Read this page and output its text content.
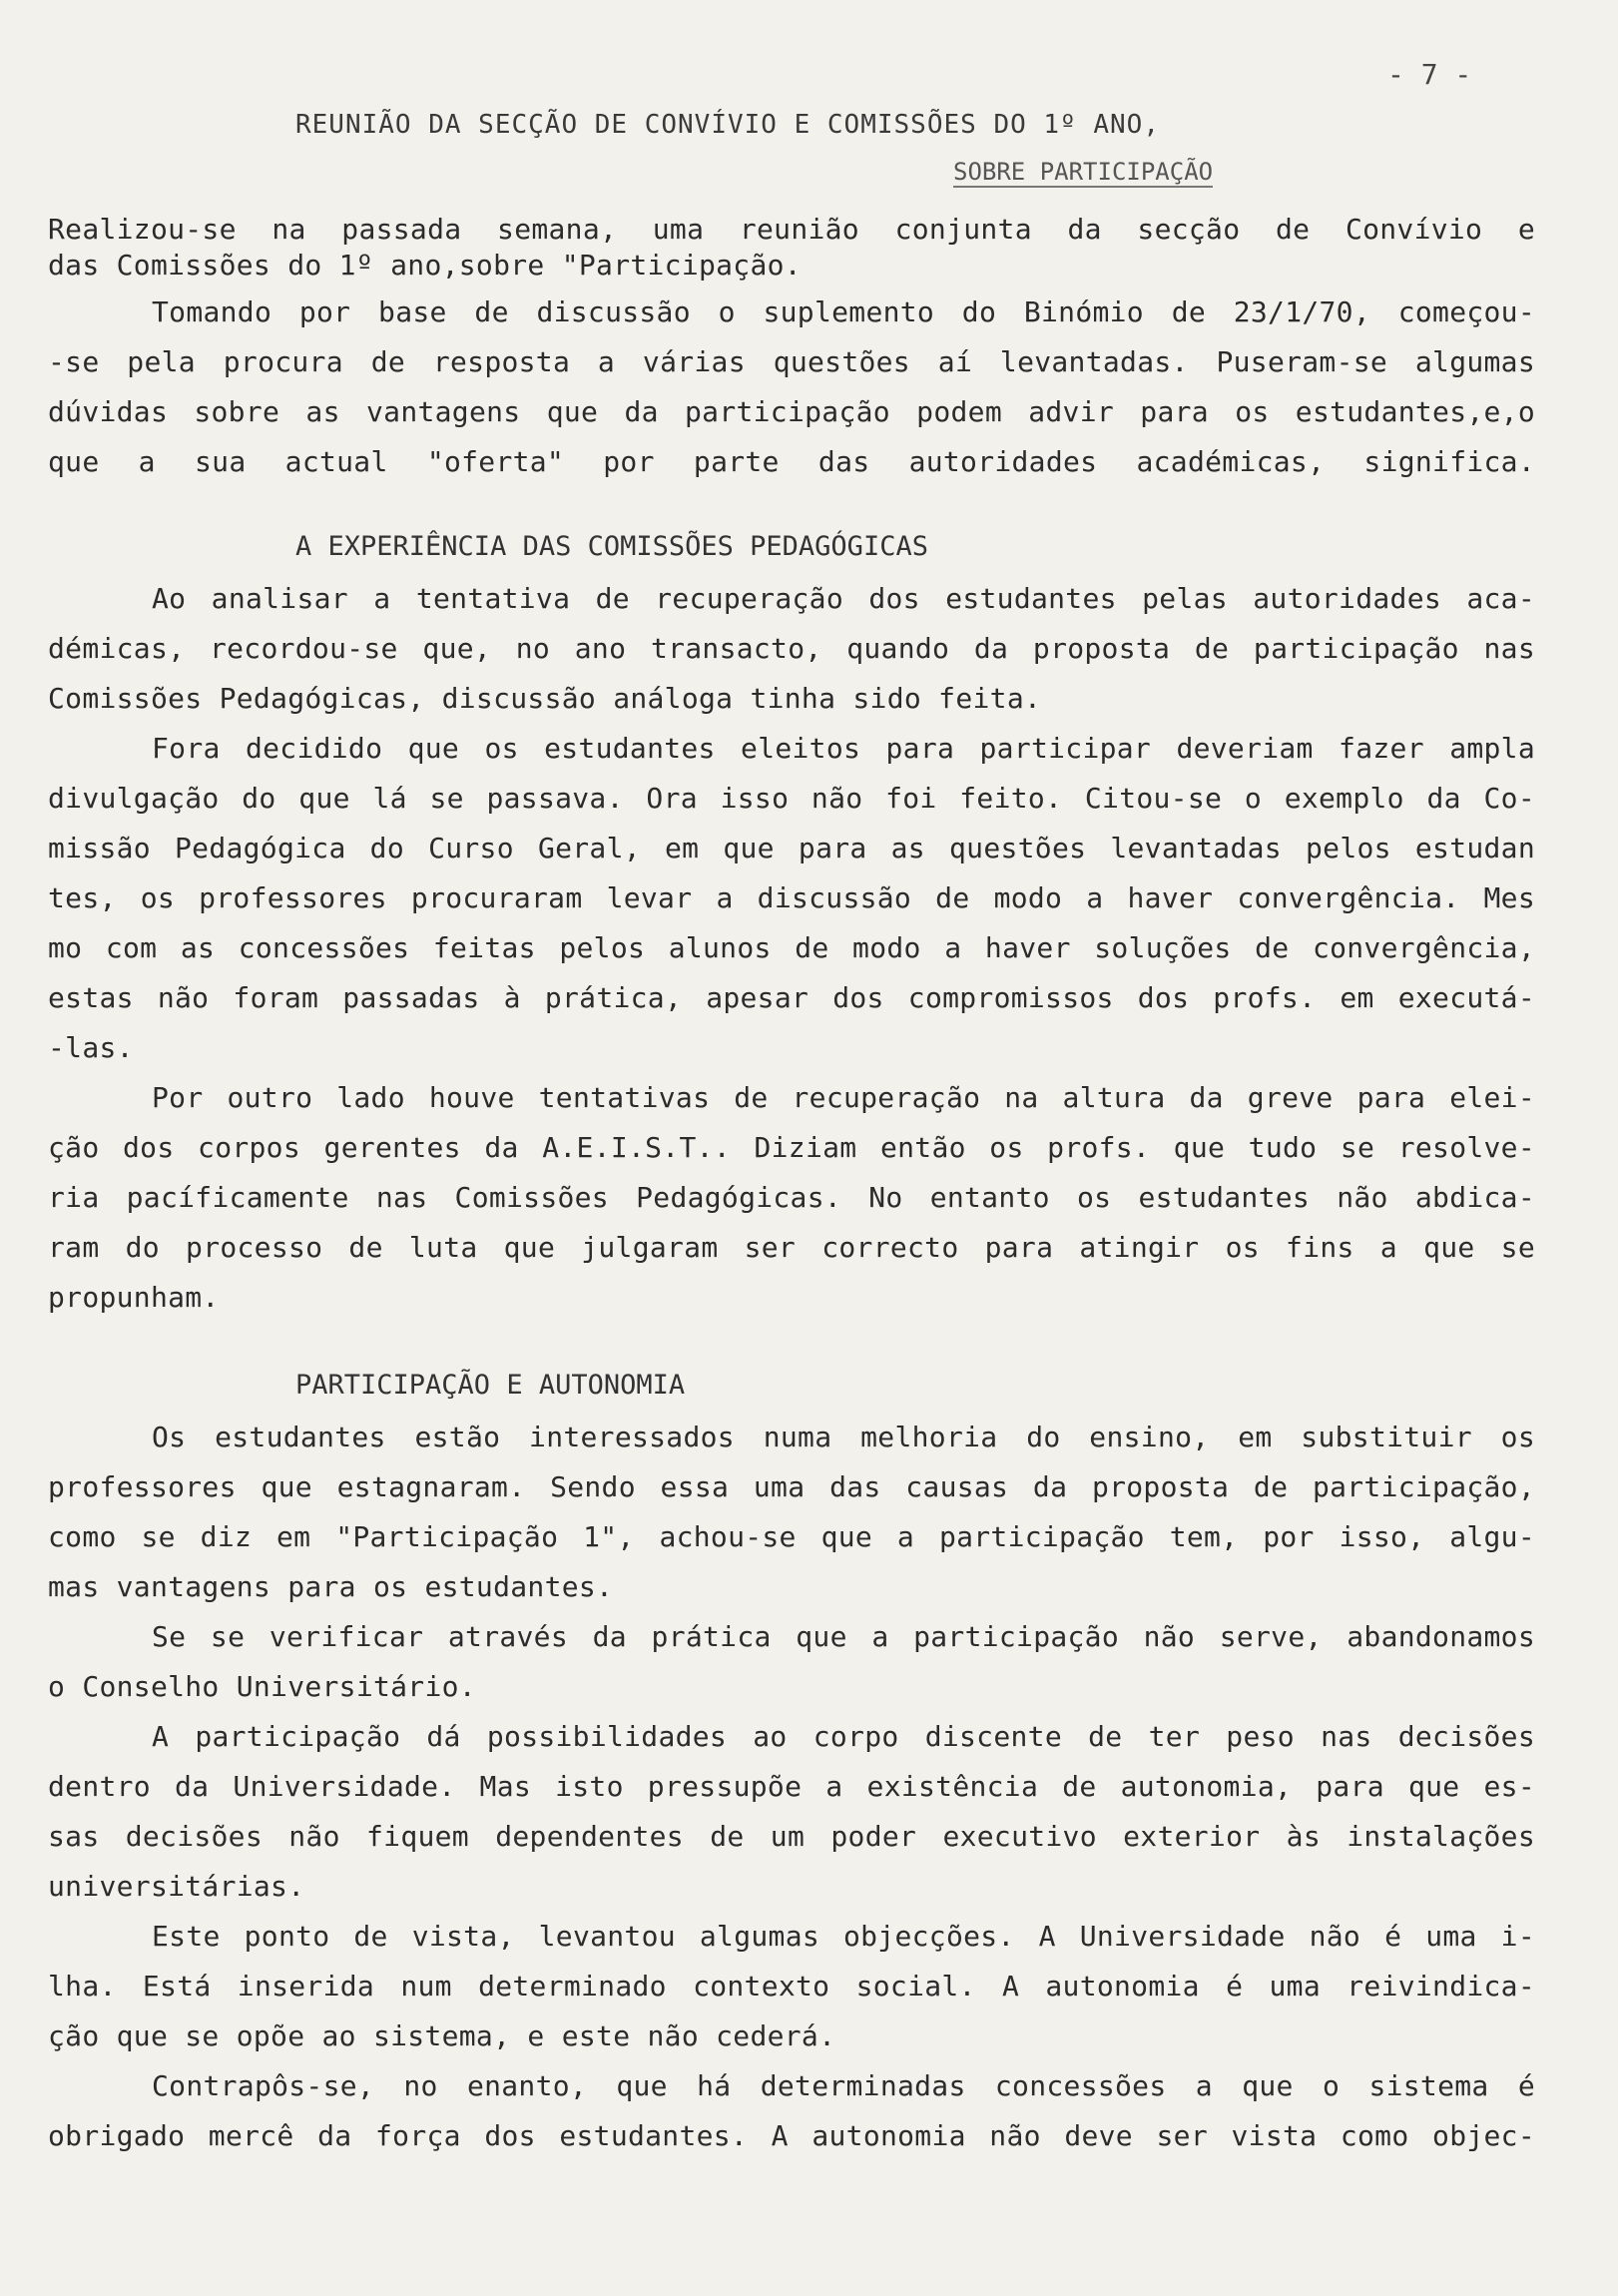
- 7 -
REUNIÃO DA SECÇÃO DE CONVÍVIO E COMISSÕES DO 1º ANO,
SOBRE PARTICIPAÇÃO
Realizou-se na passada semana, uma reunião conjunta da secção de Convívio e
das Comissões do 1º ano,sobre "Participação.
Tomando por base de discussão o suplemento do Binómio de 23/1/70, começou-
-se pela procura de resposta a várias questões aí levantadas. Puseram-se algumas
dúvidas sobre as vantagens que da participação podem advir para os estudantes,e,o
que a sua actual "oferta" por parte das autoridades académicas, significa.
A EXPERIÊNCIA DAS COMISSÕES PEDAGÓGICAS
Ao analisar a tentativa de recuperação dos estudantes pelas autoridades aca-
démicas, recordou-se que, no ano transacto, quando da proposta de participação nas
Comissões Pedagógicas, discussão análoga tinha sido feita.
Fora decidido que os estudantes eleitos para participar deveriam fazer ampla
divulgação do que lá se passava. Ora isso não foi feito. Citou-se o exemplo da Co-
missão Pedagógica do Curso Geral, em que para as questões levantadas pelos estudan
tes, os professores procuraram levar a discussão de modo a haver convergência. Mes
mo com as concessões feitas pelos alunos de modo a haver soluções de convergência,
estas não foram passadas à prática, apesar dos compromissos dos profs. em executá-
-las.
Por outro lado houve tentativas de recuperação na altura da greve para elei-
ção dos corpos gerentes da A.E.I.S.T.. Diziam então os profs. que tudo se resolve-
ria pacíficamente nas Comissões Pedagógicas. No entanto os estudantes não abdica-
ram do processo de luta que julgaram ser correcto para atingir os fins a que se
propunham.
PARTICIPAÇÃO E AUTONOMIA
Os estudantes estão interessados numa melhoria do ensino, em substituir os
professores que estagnaram. Sendo essa uma das causas da proposta de participação,
como se diz em "Participação 1", achou-se que a participação tem, por isso, algu-
mas vantagens para os estudantes.
Se se verificar através da prática que a participação não serve, abandonamos
o Conselho Universitário.
A participação dá possibilidades ao corpo discente de ter peso nas decisões
dentro da Universidade. Mas isto pressupõe a existência de autonomia, para que es-
sas decisões não fiquem dependentes de um poder executivo exterior às instalações
universitárias.
Este ponto de vista, levantou algumas objecções. A Universidade não é uma i-
lha. Está inserida num determinado contexto social. A autonomia é uma reivindica-
ção que se opõe ao sistema, e este não cederá.
Contrapôs-se, no enanto, que há determinadas concessões a que o sistema é
obrigado mercê da força dos estudantes. A autonomia não deve ser vista como objec-
